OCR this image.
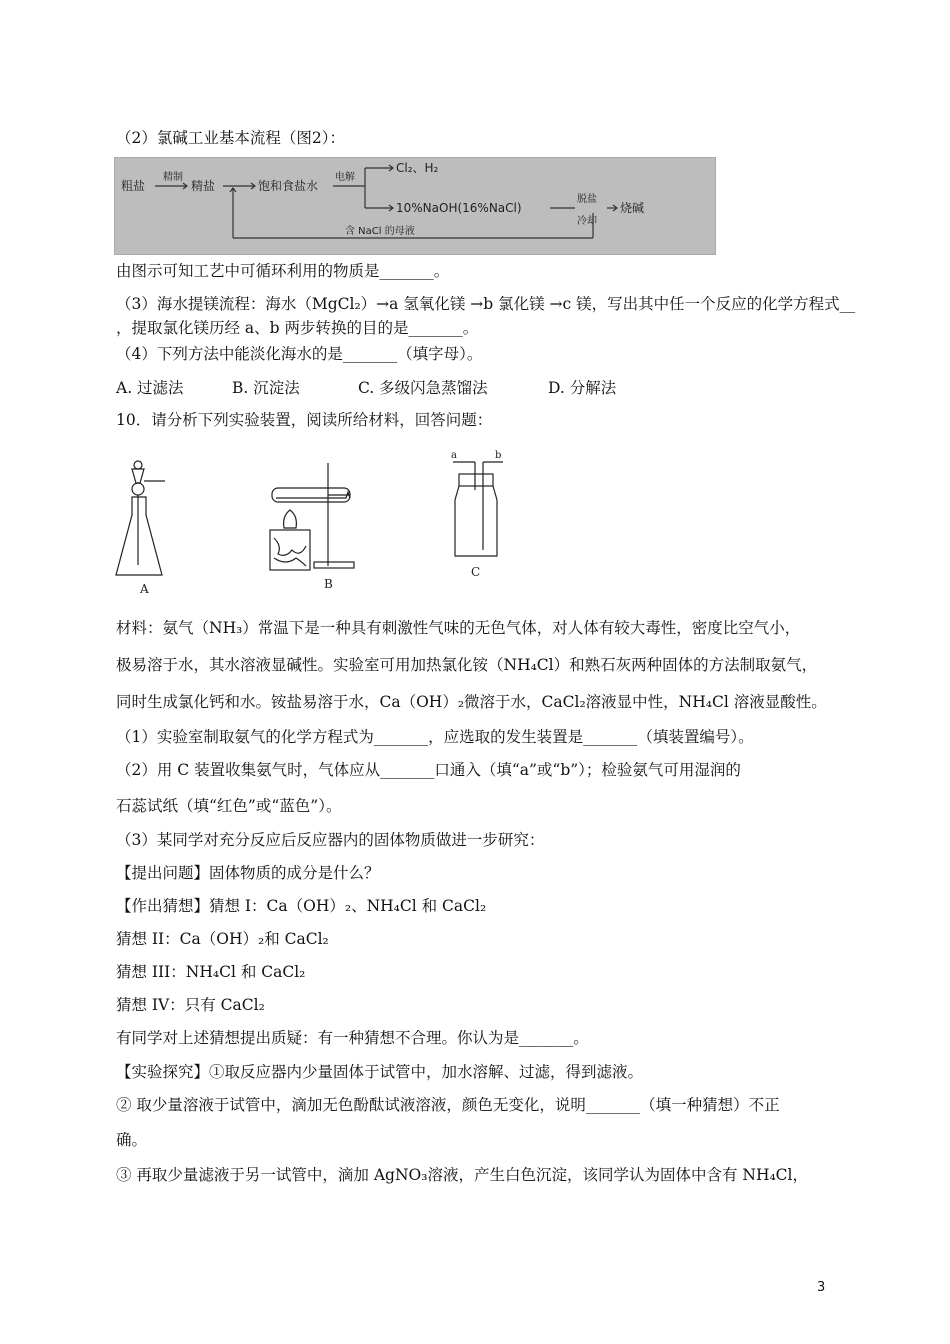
（2）氯碱工业基本流程（图2）：
粗盐
精制
精盐	饱和食盐水
电解
Cl₂、H₂
10%NaOH(16%NaCl)
脱盐
冷却
烧碱
含 NaCl 的母液
由图示可知工艺中可循环利用的物质是_______。
（3）海水提镁流程：海水（MgCl₂）→a 氢氧化镁 →b 氯化镁 →c 镁，写出其中任一个反应的化学方程式__
，提取氯化镁历经 a、b 两步转换的目的是_______。
（4）下列方法中能淡化海水的是_______（填字母）。
A. 过滤法	B. 沉淀法	C. 多级闪急蒸馏法	D. 分解法
10．请分析下列实验装置，阅读所给材料，回答问题：
A	B
a	b
C
材料：氨气（NH₃）常温下是一种具有刺激性气味的无色气体，对人体有较大毒性，密度比空气小，
极易溶于水，其水溶液显碱性。实验室可用加热氯化铵（NH₄Cl）和熟石灰两种固体的方法制取氨气，
同时生成氯化钙和水。铵盐易溶于水，Ca（OH）₂微溶于水，CaCl₂溶液显中性，NH₄Cl 溶液显酸性。
（1）实验室制取氨气的化学方程式为_______，应选取的发生装置是_______（填装置编号）。
（2）用 C 装置收集氨气时，气体应从_______口通入（填“a”或“b”）；检验氨气可用湿润的
石蕊试纸（填“红色”或“蓝色”）。
（3）某同学对充分反应后反应器内的固体物质做进一步研究：
【提出问题】固体物质的成分是什么？
【作出猜想】猜想 I：Ca（OH）₂、NH₄Cl 和 CaCl₂
猜想 II：Ca（OH）₂和 CaCl₂
猜想 III：NH₄Cl 和 CaCl₂
猜想 IV：只有 CaCl₂
有同学对上述猜想提出质疑：有一种猜想不合理。你认为是_______。
【实验探究】①取反应器内少量固体于试管中，加水溶解、过滤，得到滤液。
② 取少量溶液于试管中，滴加无色酚酞试液溶液，颜色无变化，说明_______（填一种猜想）不正
确。
③ 再取少量滤液于另一试管中，滴加 AgNO₃溶液，产生白色沉淀，该同学认为固体中含有 NH₄Cl，
3
